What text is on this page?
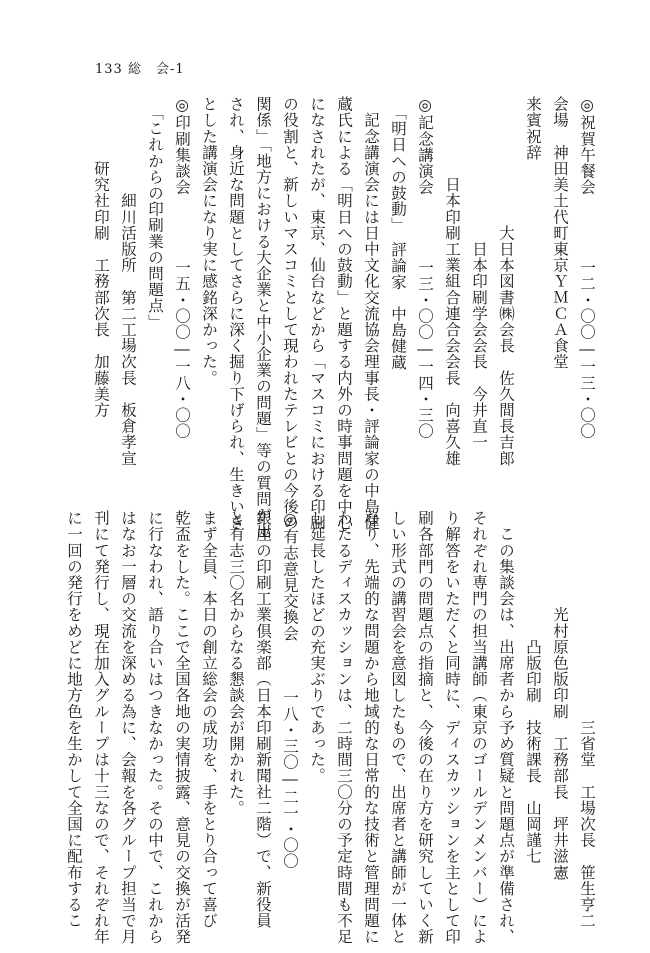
133 総　会-1
◎祝賀午餐会　　　　一二・〇〇―一三・〇〇
会場　神田美土代町東京ＹＭＣＡ食堂
来賓祝辞
　　　　　　　　大日本図書㈱会長　佐久間長吉郎
　　　　　　　　　日本印刷学会会長　今井直一
　　　　　日本印刷工業組合連合会会長　向喜久雄
◎記念講演会　　　　一三・〇〇―一四・三〇
　「明日への鼓動」　評論家　中島健蔵
　記念講演会には日中文化交流協会理事長・評論家の中島健
蔵氏による「明日への鼓動」と題する内外の時事問題を中心
になされたが、東京、仙台などから「マスコミにおける印刷
の役割と、新しいマスコミとして現われたテレビとの今後の
関係」「地方における大企業と中小企業の問題」等の質問が出
され、身近な問題としてさらに深く掘り下げられ、生きいき
とした講演会になり実に感銘深かった。
◎印刷集談会　　　　一五・〇〇―一八・〇〇
　「これからの印刷業の問題点」
　　　　　　細川活版所　第二工場次長　板倉孝宣
　　　　研究社印刷　工務部次長　加藤美方
　　　　　　　　　　　　　三省堂　工場次長　笹生亨二
　　　　　　光村原色版印刷　工務部長　坪井滋憲
　　　　　　　　凸版印刷　技術課長　山岡謹七
　この集談会は、出席者から予め質疑と問題点が準備され、
それぞれ専門の担当講師（東京のゴールデンメンバー）によ
り解答をいただくと同時に、ディスカッションを主として印
刷各部門の問題点の指摘と、今後の在り方を研究していく新
しい形式の講習会を意図したもので、出席者と講師が一体と
なり、先端的な問題から地域的な日常的な技術と管理問題に
わたるディスカッションは、二時間三〇分の予定時間も不足
し延長したほどの充実ぶりであった。
◎有志意見交換会　　　一八・三〇―二一・〇〇
銀座の印刷工業倶楽部（日本印刷新聞社二階）で、新役員
と有志三〇名からなる懇談会が開かれた。
まず全員、本日の創立総会の成功を、手をとり合って喜び
乾盃をした。ここで全国各地の実情披露、意見の交換が活発
に行なわれ、語り合いはつきなかった。その中で、これから
はなお一層の交流を深める為に、会報を各グループ担当で月
刊にて発行し、現在加入グループは十三なので、それぞれ年
に一回の発行をめどに地方色を生かして全国に配布するこ
